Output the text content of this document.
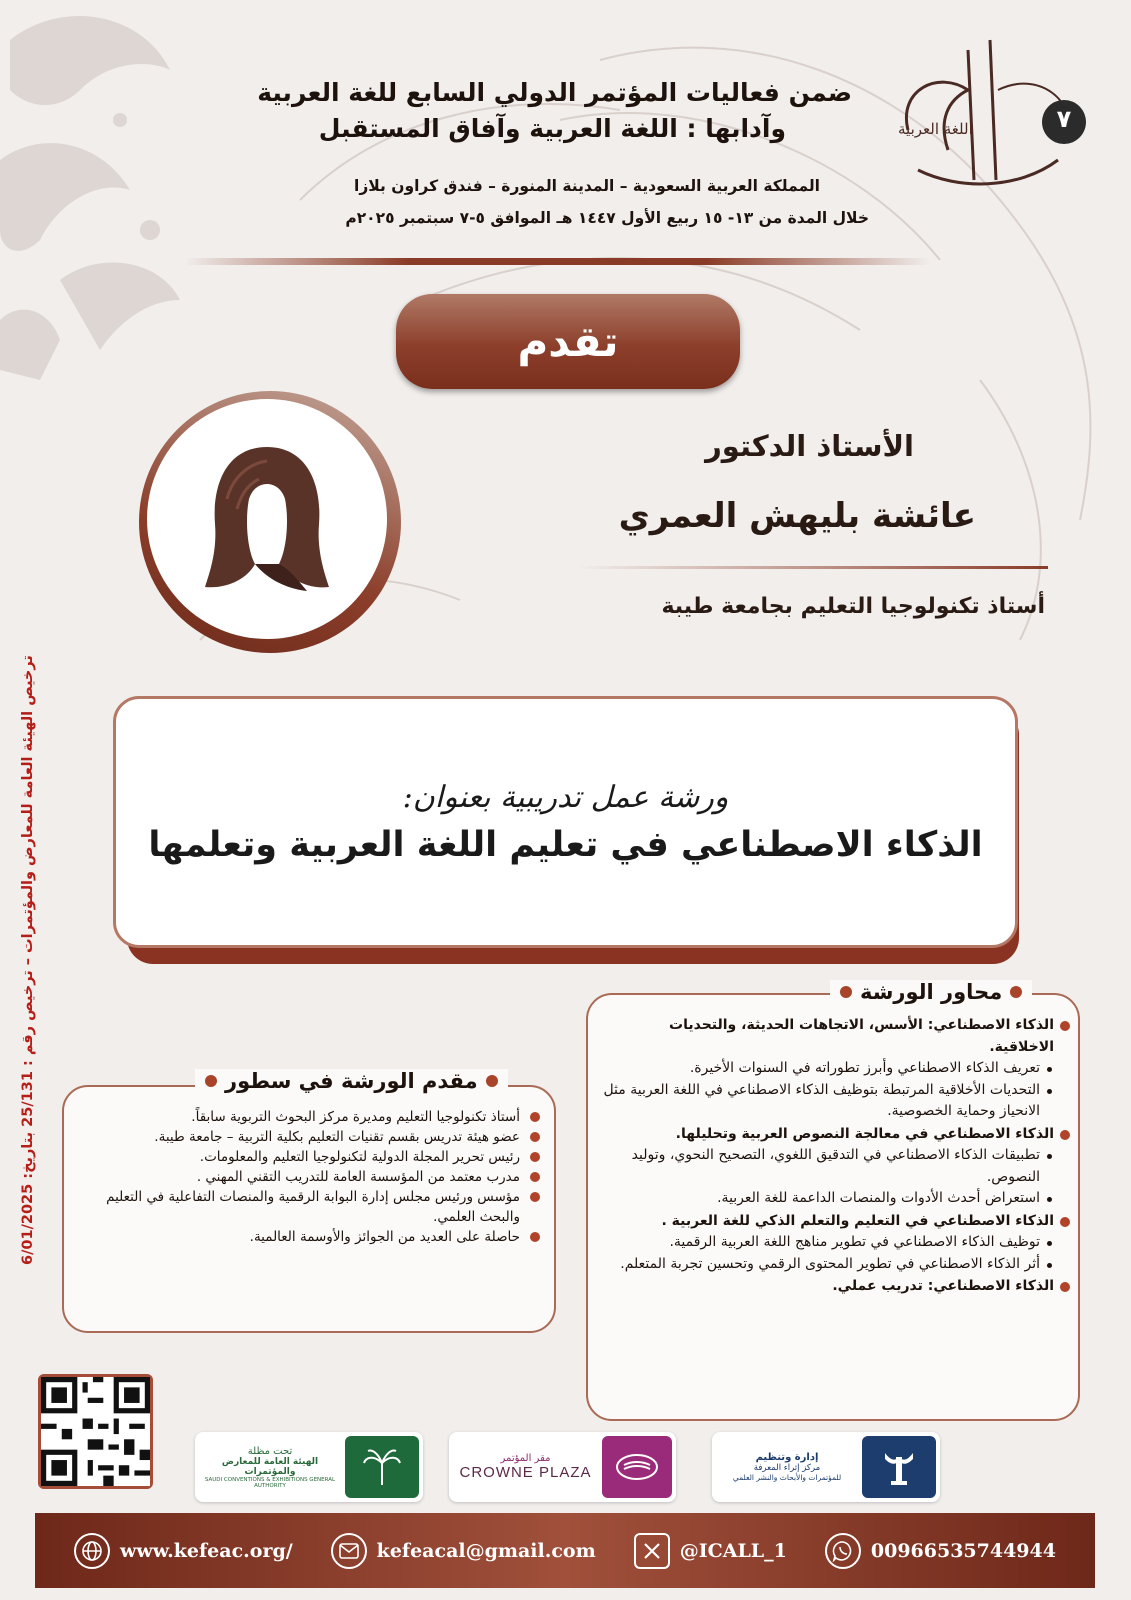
ترخيص الهيئة العامة للمعارض والمؤتمرات – ترخيص رقم : 25/131 بتاريخ: 6/01/2025
اللغة العربية	٧
ضمن فعاليات المؤتمر الدولي السابع للغة العربية
وآدابها : اللغة العربية وآفاق المستقبل
المملكة العربية السعودية – المدينة المنورة – فندق كراون بلازا
خلال المدة من ١٣- ١٥ ربيع الأول ١٤٤٧ هـ الموافق ٥-٧ سبتمبر ٢٠٢٥م
تقدم
الأستاذ الدكتور
عائشة بليهش العمري
أستاذ تكنولوجيا التعليم بجامعة طيبة
ورشة عمل تدريبية بعنوان:
الذكاء الاصطناعي في تعليم اللغة العربية وتعلمها
محاور الورشة
الذكاء الاصطناعي: الأسس، الاتجاهات الحديثة، والتحديات الاخلاقية.
تعريف الذكاء الاصطناعي وأبرز تطوراته في السنوات الأخيرة.
التحديات الأخلاقية المرتبطة بتوظيف الذكاء الاصطناعي في اللغة العربية مثل الانحياز وحماية الخصوصية.
الذكاء الاصطناعي في معالجة النصوص العربية وتحليلها.
تطبيقات الذكاء الاصطناعي في التدقيق اللغوي، التصحيح النحوي، وتوليد النصوص.
استعراض أحدث الأدوات والمنصات الداعمة للغة العربية.
الذكاء الاصطناعي في التعليم والتعلم الذكي للغة العربية .
توظيف الذكاء الاصطناعي في تطوير مناهج اللغة العربية الرقمية.
أثر الذكاء الاصطناعي في تطوير المحتوى الرقمي وتحسين تجربة المتعلم.
الذكاء الاصطناعي: تدريب عملي.
مقدم الورشة في سطور
أستاذ تكنولوجيا التعليم ومديرة مركز البحوث التربوية سابقاً.
عضو هيئة تدريس بقسم تقنيات التعليم بكلية التربية – جامعة طيبة.
رئيس تحرير المجلة الدولية لتكنولوجيا التعليم والمعلومات.
مدرب معتمد من المؤسسة العامة للتدريب التقني المهني .
مؤسس ورئيس مجلس إدارة البوابة الرقمية والمنصات التفاعلية في التعليم والبحث العلمي.
حاصلة على العديد من الجوائز والأوسمة العالمية.
تحت مظلة
الهيئة العامة للمعارض والمؤتمرات
SAUDI CONVENTIONS & EXHIBITIONS GENERAL AUTHORITY
مقر المؤتمر
CROWNE PLAZA
إدارة وتنظيم
مركز إثراء المعرفة
للمؤتمرات والأبحاث والنشر العلمي
www.kefeac.org/	kefeacal@gmail.com	@ICALL_1	00966535744944
